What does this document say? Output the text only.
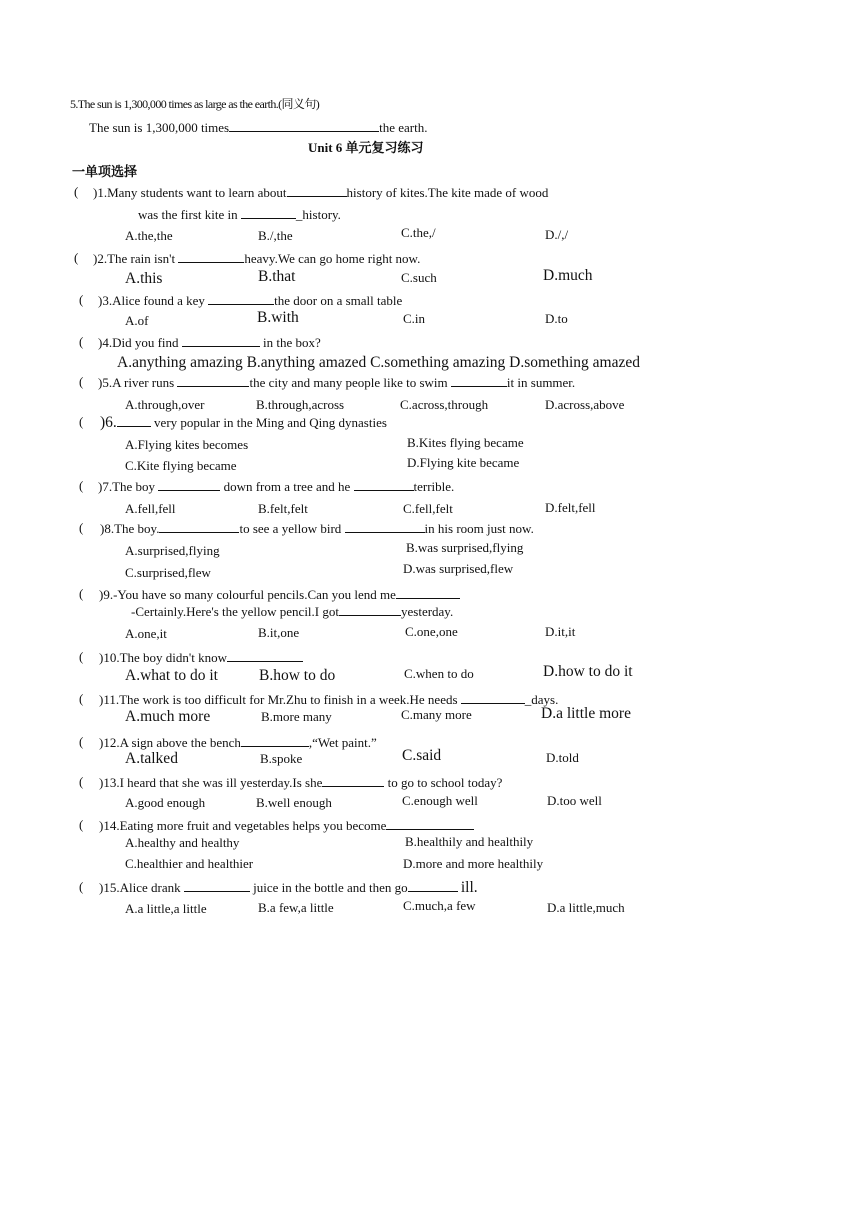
5.The sun is 1,300,000 times as large as the earth.(同义句)
The sun is 1,300,000 times	the earth.
Unit 6 单元复习练习
一单项选择
( )1.Many students want to learn about	history of kites.The kite made of wood
was the first kite in	_history.
A.the,the	B./,the	C.the,/	D./,/
( )2.The rain isn't	heavy.We can go home right now.
A.this	B.that	C.such	D.much
( )3.Alice found a key	the door on a small table
A.of	B.with	C.in	D.to
( )4.Did you find	in the box?
A.anything amazing B.anything amazed C.something amazing D.something amazed
( )5.A river runs	the city and many people like to swim	it in summer.
A.through,over	B.through,across	C.across,through	D.across,above
( )6.	very popular in the Ming and Qing dynasties
A.Flying kites becomes	B.Kites flying became
C.Kite flying became	D.Flying kite became
( )7.The boy	down from a tree and he	terrible.
A.fell,fell	B.felt,felt	C.fell,felt	D.felt,fell
( )8.The boy.	to see a yellow bird	in his room just now.
A.surprised,flying	B.was surprised,flying
C.surprised,flew	D.was surprised,flew
( )9.-You have so many colourful pencils.Can you lend me
-Certainly.Here's the yellow pencil.I got	yesterday.
A.one,it	B.it,one	C.one,one	D.it,it
( )10.The boy didn't know
A.what to do it	B.how to do	C.when to do	D.how to do it
( )11.The work is too difficult for Mr.Zhu to finish in a week.He needs	_days.
A.much more	B.more many	C.many more	D.a little more
( )12.A sign above the bench	,“Wet paint.”
A.talked	B.spoke	C.said	D.told
( )13.I heard that she was ill yesterday.Is she	to go to school today?
A.good enough	B.well enough	C.enough well	D.too well
( )14.Eating more fruit and vegetables helps you become
A.healthy and healthy	B.healthily and healthily
C.healthier and healthier	D.more and more healthily
( )15.Alice drank	juice in the bottle and then go	ill.
A.a little,a little	B.a few,a little	C.much,a few	D.a little,much
